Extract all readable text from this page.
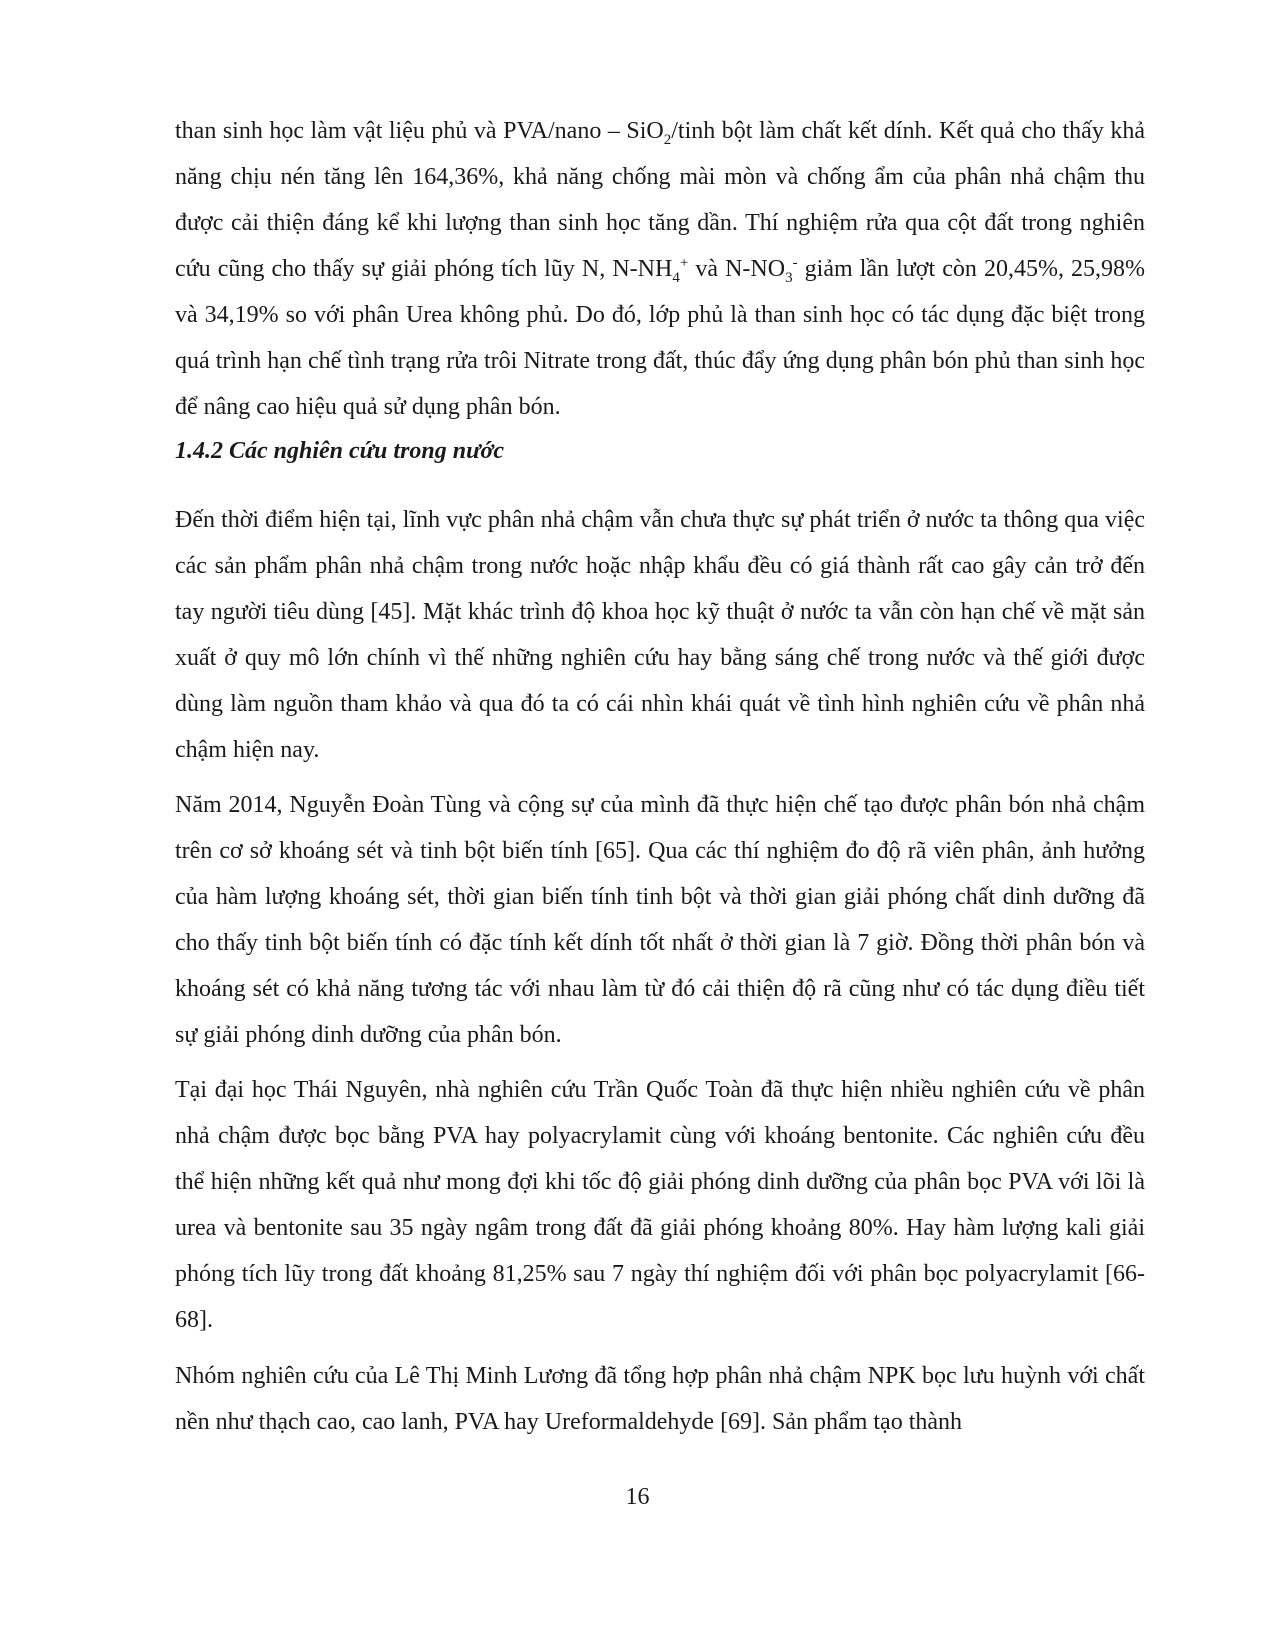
than sinh học làm vật liệu phủ và PVA/nano – SiO$_2$/tinh bột làm chất kết dính. Kết quả cho thấy khả năng chịu nén tăng lên 164,36%, khả năng chống mài mòn và chống ẩm của phân nhả chậm thu được cải thiện đáng kể khi lượng than sinh học tăng dần. Thí nghiệm rửa qua cột đất trong nghiên cứu cũng cho thấy sự giải phóng tích lũy N, $N-NH_4^+$ và $N-NO_3^-$ giảm lần lượt còn 20,45%, 25,98% và 34,19% so với phân Urea không phủ. Do đó, lớp phủ là than sinh học có tác dụng đặc biệt trong quá trình hạn chế tình trạng rửa trôi Nitrate trong đất, thúc đẩy ứng dụng phân bón phủ than sinh học để nâng cao hiệu quả sử dụng phân bón.

1.4.2 Các nghiên cứu trong nước

Đến thời điểm hiện tại, lĩnh vực phân nhả chậm vẫn chưa thực sự phát triển ở nước ta thông qua việc các sản phẩm phân nhả chậm trong nước hoặc nhập khẩu đều có giá thành rất cao gây cản trở đến tay người tiêu dùng [45]. Mặt khác trình độ khoa học kỹ thuật ở nước ta vẫn còn hạn chế về mặt sản xuất ở quy mô lớn chính vì thế những nghiên cứu hay bằng sáng chế trong nước và thế giới được dùng làm nguồn tham khảo và qua đó ta có cái nhìn khái quát về tình hình nghiên cứu về phân nhả chậm hiện nay.

Năm 2014, Nguyễn Đoàn Tùng và cộng sự của mình đã thực hiện chế tạo được phân bón nhả chậm trên cơ sở khoáng sét và tinh bột biến tính [65]. Qua các thí nghiệm đo độ rã viên phân, ảnh hưởng của hàm lượng khoáng sét, thời gian biến tính tinh bột và thời gian giải phóng chất dinh dưỡng đã cho thấy tinh bột biến tính có đặc tính kết dính tốt nhất ở thời gian là 7 giờ. Đồng thời phân bón và khoáng sét có khả năng tương tác với nhau làm từ đó cải thiện độ rã cũng như có tác dụng điều tiết sự giải phóng dinh dưỡng của phân bón.

Tại đại học Thái Nguyên, nhà nghiên cứu Trần Quốc Toàn đã thực hiện nhiều nghiên cứu về phân nhả chậm được bọc bằng PVA hay polyacrylamit cùng với khoáng bentonite. Các nghiên cứu đều thể hiện những kết quả như mong đợi khi tốc độ giải phóng dinh dưỡng của phân bọc PVA với lõi là urea và bentonite sau 35 ngày ngâm trong đất đã giải phóng khoảng 80%. Hay hàm lượng kali giải phóng tích lũy trong đất khoảng 81,25% sau 7 ngày thí nghiệm đối với phân bọc polyacrylamit [66-68].

Nhóm nghiên cứu của Lê Thị Minh Lương đã tổng hợp phân nhả chậm NPK bọc lưu huỳnh với chất nền như thạch cao, cao lanh, PVA hay Ureformaldehyde [69]. Sản phẩm tạo thành

16
